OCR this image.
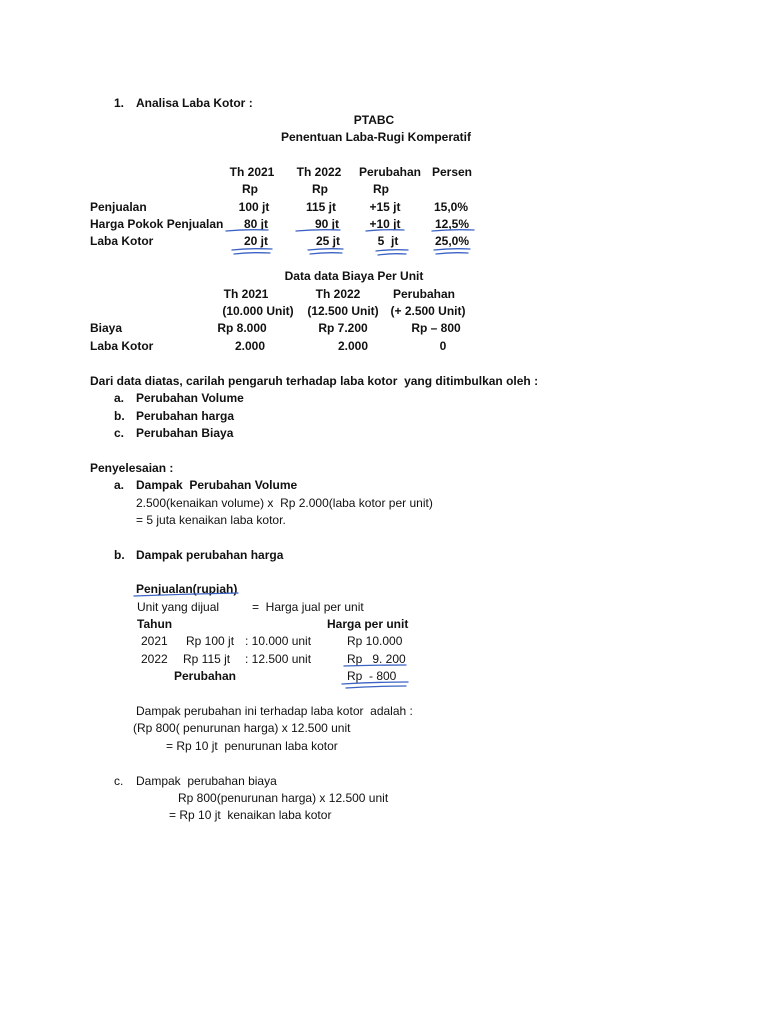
1. Analisa Laba Kotor :
PTABC
Penentuan Laba-Rugi Komperatif
Th 2021 Th 2022 Perubahan Persen
Rp	Rp	Rp
Penjualan	100 jt	115 jt	+15 jt	15,0%
Harga Pokok Penjualan 80 jt	90 jt	+10 jt	12,5%
Laba Kotor	20 jt	25 jt	5  jt	25,0%
Data data Biaya Per Unit
Th 2021	Th 2022	Perubahan
(10.000 Unit) (12.500 Unit) (+ 2.500 Unit)
Biaya	Rp 8.000	Rp 7.200	Rp – 800
Laba Kotor	2.000	2.000	0
Dari data diatas, carilah pengaruh terhadap laba kotor  yang ditimbulkan oleh :
a. Perubahan Volume
b. Perubahan harga
c. Perubahan Biaya
Penyelesaian :
a. Dampak  Perubahan Volume
2.500(kenaikan volume) x  Rp 2.000(laba kotor per unit)
= 5 juta kenaikan laba kotor.
b. Dampak perubahan harga
Penjualan(rupiah)
Unit yang dijual	=  Harga jual per unit
Tahun	Harga per unit
2021 Rp 100 jt : 10.000 unit	Rp 10.000
2022 Rp 115 jt : 12.500 unit	Rp   9. 200
Perubahan	Rp  - 800
Dampak perubahan ini terhadap laba kotor  adalah :
(Rp 800( penurunan harga) x 12.500 unit
= Rp 10 jt  penurunan laba kotor
c. Dampak  perubahan biaya
Rp 800(penurunan harga) x 12.500 unit
= Rp 10 jt  kenaikan laba kotor
